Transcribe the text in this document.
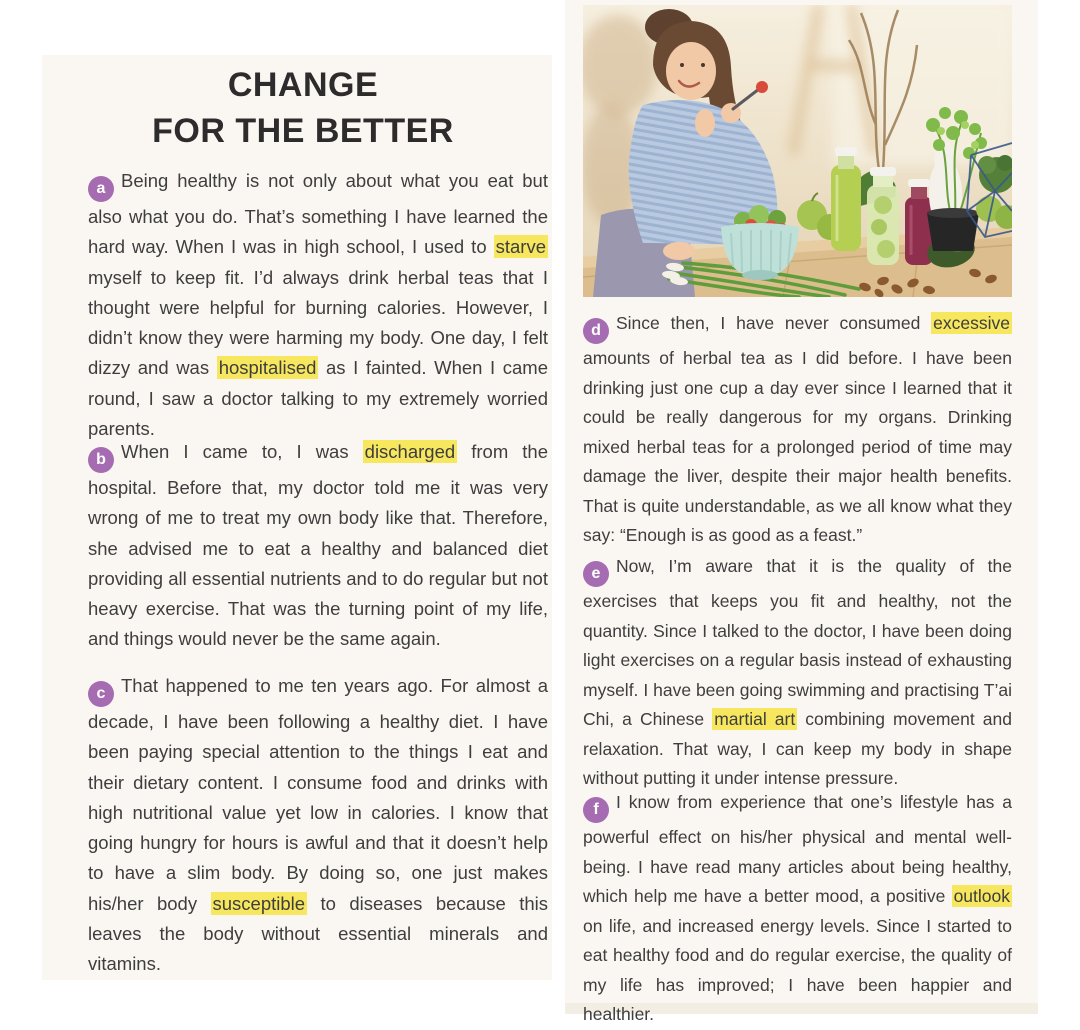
CHANGE
FOR THE BETTER
a Being healthy is not only about what you eat but also what you do. That’s something I have learned the hard way. When I was in high school, I used to starve myself to keep fit. I’d always drink herbal teas that I thought were helpful for burning calories. However, I didn’t know they were harming my body. One day, I felt dizzy and was hospitalised as I fainted. When I came round, I saw a doctor talking to my extremely worried parents.
b When I came to, I was discharged from the hospital. Before that, my doctor told me it was very wrong of me to treat my own body like that. Therefore, she advised me to eat a healthy and balanced diet providing all essential nutrients and to do regular but not heavy exercise. That was the turning point of my life, and things would never be the same again.
c That happened to me ten years ago. For almost a decade, I have been following a healthy diet. I have been paying special attention to the things I eat and their dietary content. I consume food and drinks with high nutritional value yet low in calories. I know that going hungry for hours is awful and that it doesn’t help to have a slim body. By doing so, one just makes his/her body susceptible to diseases because this leaves the body without essential minerals and vitamins.
d Since then, I have never consumed excessive amounts of herbal tea as I did before. I have been drinking just one cup a day ever since I learned that it could be really dangerous for my organs. Drinking mixed herbal teas for a prolonged period of time may damage the liver, despite their major health benefits. That is quite understandable, as we all know what they say: “Enough is as good as a feast.”
e Now, I’m aware that it is the quality of the exercises that keeps you fit and healthy, not the quantity. Since I talked to the doctor, I have been doing light exercises on a regular basis instead of exhausting myself. I have been going swimming and practising T’ai Chi, a Chinese martial art combining movement and relaxation. That way, I can keep my body in shape without putting it under intense pressure.
f I know from experience that one’s lifestyle has a powerful effect on his/her physical and mental well-being. I have read many articles about being healthy, which help me have a better mood, a positive outlook on life, and increased energy levels. Since I started to eat healthy food and do regular exercise, the quality of my life has improved; I have been happier and healthier.
